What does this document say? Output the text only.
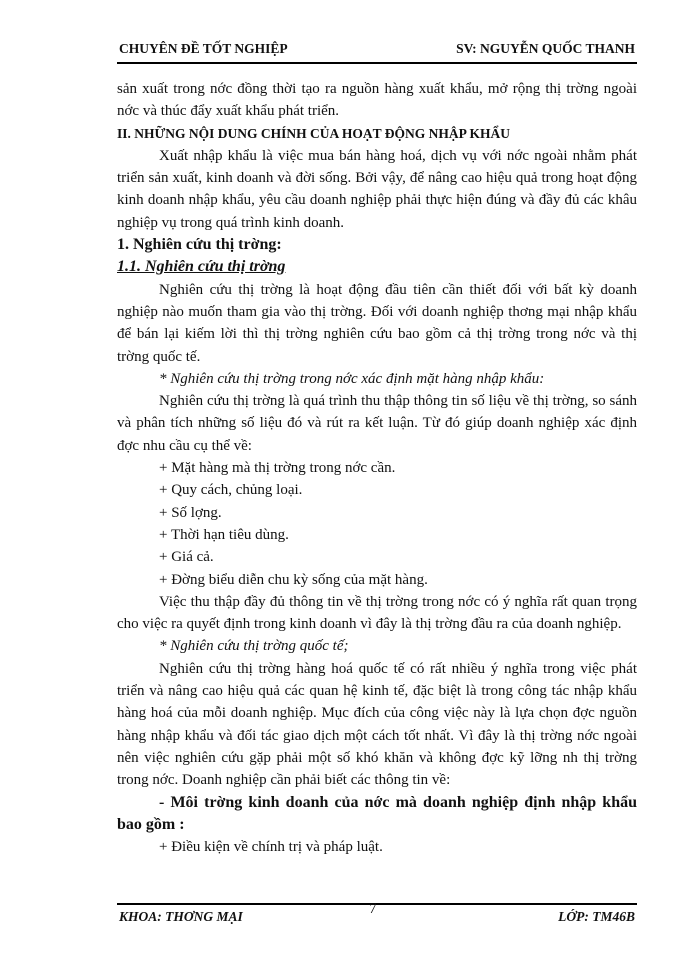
CHUYÊN ĐỀ TỐT NGHIỆP	SV: NGUYỄN QUỐC THANH

sản xuất trong nớc đồng thời tạo ra nguồn hàng xuất khẩu, mở rộng thị trờng ngoài nớc và thúc đẩy xuất khẩu phát triển.

II. NHỮNG NỘI DUNG CHÍNH CỦA HOẠT ĐỘNG NHẬP KHẨU

Xuất nhập khẩu là việc mua bán hàng hoá, dịch vụ với nớc ngoài nhằm phát triển sản xuất, kinh doanh và đời sống. Bởi vậy, để nâng cao hiệu quả trong hoạt động kinh doanh nhập khẩu, yêu cầu doanh nghiệp phải thực hiện đúng và đầy đủ các khâu nghiệp vụ trong quá trình kinh doanh.

1. Nghiên cứu thị trờng:

1.1. Nghiên cứu thị trờng

Nghiên cứu thị trờng là hoạt động đầu tiên cần thiết đối với bất kỳ doanh nghiệp nào muốn tham gia vào thị trờng. Đối với doanh nghiệp thơng mại nhập khẩu để bán lại kiếm lời thì thị trờng nghiên cứu bao gồm cả thị trờng trong nớc và thị trờng quốc tế.

* Nghiên cứu thị trờng trong nớc xác định mặt hàng nhập khẩu:

Nghiên cứu thị trờng là quá trình thu thập thông tin số liệu về thị trờng, so sánh và phân tích những số liệu đó và rút ra kết luận. Từ đó giúp doanh nghiệp xác định đợc nhu cầu cụ thể về:

+ Mặt hàng mà thị trờng trong nớc cần.

+ Quy cách, chủng loại.

+ Số lợng.

+ Thời hạn tiêu dùng.

+ Giá cả.

+ Đờng biểu diễn chu kỳ sống của mặt hàng.

Việc thu thập đầy đủ thông tin về thị trờng trong nớc có ý nghĩa rất quan trọng cho việc ra quyết định trong kinh doanh vì đây là thị trờng đầu ra của doanh nghiệp.

* Nghiên cứu thị trờng quốc tế;

Nghiên cứu thị trờng hàng hoá quốc tế có rất nhiều ý nghĩa trong việc phát triển và nâng cao hiệu quả các quan hệ kinh tế, đặc biệt là trong công tác nhập khẩu hàng hoá của mỗi doanh nghiệp. Mục đích của công việc này là lựa chọn đợc nguồn hàng nhập khẩu và đối tác giao dịch một cách tốt nhất. Vì đây là thị trờng nớc ngoài nên việc nghiên cứu gặp phải một số khó khăn và không đợc kỹ lỡng nh thị trờng trong nớc. Doanh nghiệp cần phải biết các thông tin về:

- Môi trờng kinh doanh của nớc mà doanh nghiệp định nhập khẩu bao gồm :

+ Điều kiện về chính trị và pháp luật.

KHOA: THƠNG MẠI	7	LỚP: TM46B
